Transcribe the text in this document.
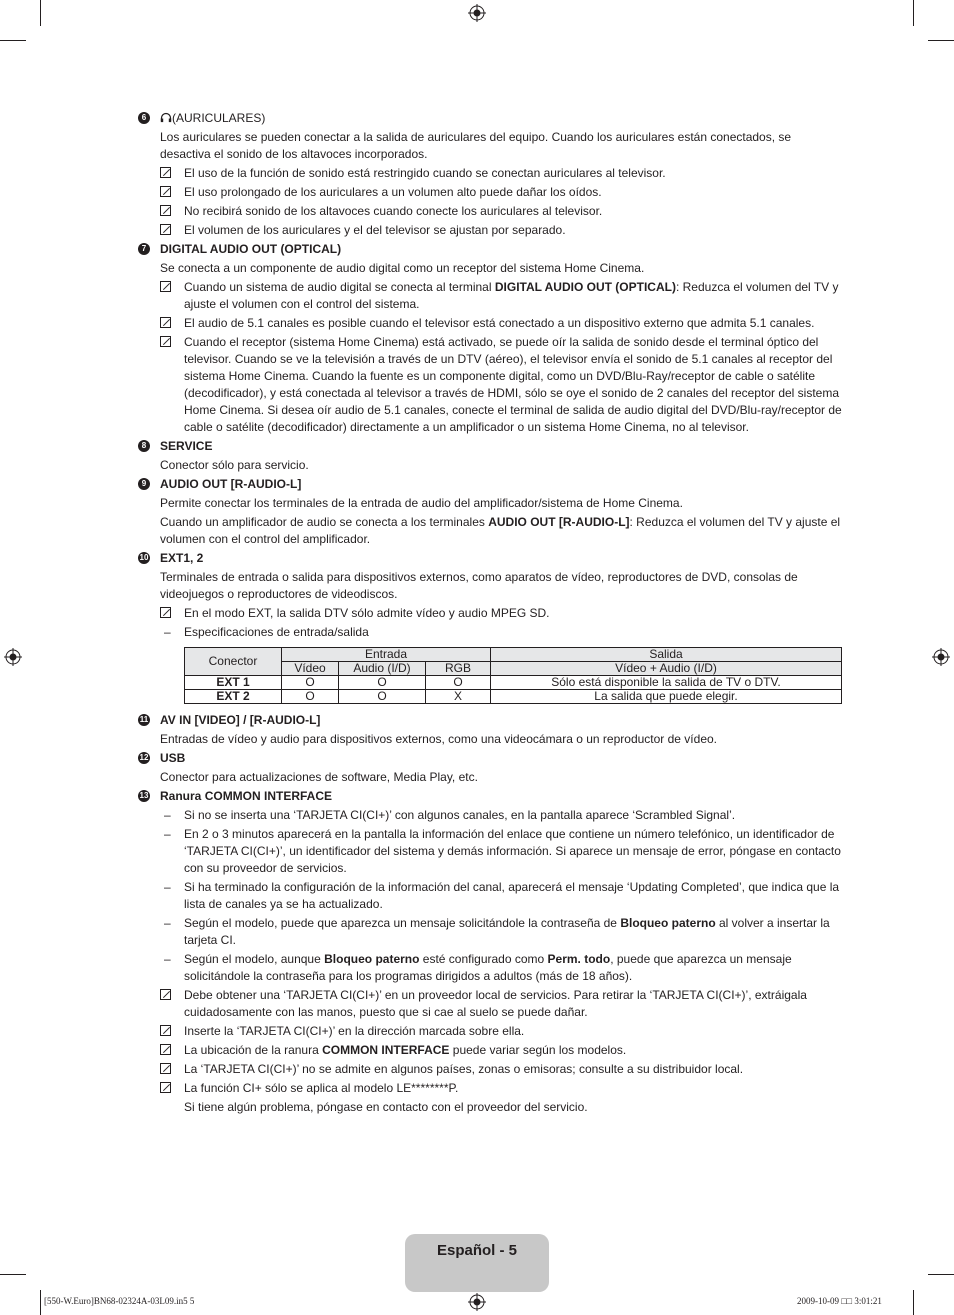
6	(AURICULARES)
Los auriculares se pueden conectar a la salida de auriculares del equipo. Cuando los auriculares están conectados, se desactiva el sonido de los altavoces incorporados.
El uso de la función de sonido está restringido cuando se conectan auriculares al televisor.
El uso prolongado de los auriculares a un volumen alto puede dañar los oídos.
No recibirá sonido de los altavoces cuando conecte los auriculares al televisor.
El volumen de los auriculares y el del televisor se ajustan por separado.
7	DIGITAL AUDIO OUT (OPTICAL)
Se conecta a un componente de audio digital como un receptor del sistema Home Cinema.
Cuando un sistema de audio digital se conecta al terminal DIGITAL AUDIO OUT (OPTICAL): Reduzca el volumen del TV y ajuste el volumen con el control del sistema.
El audio de 5.1 canales es posible cuando el televisor está conectado a un dispositivo externo que admita 5.1 canales.
Cuando el receptor (sistema Home Cinema) está activado, se puede oír la salida de sonido desde el terminal óptico del televisor. Cuando se ve la televisión a través de un DTV (aéreo), el televisor envía el sonido de 5.1 canales al receptor del sistema Home Cinema. Cuando la fuente es un componente digital, como un DVD/Blu-Ray/receptor de cable o satélite (decodificador), y está conectada al televisor a través de HDMI, sólo se oye el sonido de 2 canales del receptor del sistema Home Cinema. Si desea oír audio de 5.1 canales, conecte el terminal de salida de audio digital del DVD/Blu-ray/receptor de cable o satélite (decodificador) directamente a un amplificador o un sistema Home Cinema, no al televisor.
8	SERVICE
Conector sólo para servicio.
9	AUDIO OUT [R-AUDIO-L]
Permite conectar los terminales de la entrada de audio del amplificador/sistema de Home Cinema.
Cuando un amplificador de audio se conecta a los terminales AUDIO OUT [R-AUDIO-L]: Reduzca el volumen del TV y ajuste el volumen con el control del amplificador.
10 EXT1, 2
Terminales de entrada o salida para dispositivos externos, como aparatos de vídeo, reproductores de DVD, consolas de videojuegos o reproductores de videodiscos.
En el modo EXT, la salida DTV sólo admite vídeo y audio MPEG SD.
– Especificaciones de entrada/salida
Conector	Entrada			Salida
	Vídeo	Audio (I/D)	RGB	Vídeo + Audio (I/D)
EXT 1	O	O	O	Sólo está disponible la salida de TV o DTV.
EXT 2	O	O	X	La salida que puede elegir.
11 AV IN [VIDEO] / [R-AUDIO-L]
Entradas de vídeo y audio para dispositivos externos, como una videocámara o un reproductor de vídeo.
12 USB
Conector para actualizaciones de software, Media Play, etc.
13 Ranura COMMON INTERFACE
– Si no se inserta una ‘TARJETA CI(CI+)’ con algunos canales, en la pantalla aparece ‘Scrambled Signal’.
– En 2 o 3 minutos aparecerá en la pantalla la información del enlace que contiene un número telefónico, un identificador de ‘TARJETA CI(CI+)’, un identificador del sistema y demás información. Si aparece un mensaje de error, póngase en contacto con su proveedor de servicios.
– Si ha terminado la configuración de la información del canal, aparecerá el mensaje ‘Updating Completed’, que indica que la lista de canales ya se ha actualizado.
– Según el modelo, puede que aparezca un mensaje solicitándole la contraseña de Bloqueo paterno al volver a insertar la tarjeta CI.
– Según el modelo, aunque Bloqueo paterno esté configurado como Perm. todo, puede que aparezca un mensaje solicitándole la contraseña para los programas dirigidos a adultos (más de 18 años).
Debe obtener una ‘TARJETA CI(CI+)’ en un proveedor local de servicios. Para retirar la ‘TARJETA CI(CI+)’, extráigala cuidadosamente con las manos, puesto que si cae al suelo se puede dañar.
Inserte la ‘TARJETA CI(CI+)’ en la dirección marcada sobre ella.
La ubicación de la ranura COMMON INTERFACE puede variar según los modelos.
La ‘TARJETA CI(CI+)’ no se admite en algunos países, zonas o emisoras; consulte a su distribuidor local.
La función CI+ sólo se aplica al modelo LE********P.
Si tiene algún problema, póngase en contacto con el proveedor del servicio.
Español - 5
[550-W.Euro]BN68-02324A-03L09.in5 5	2009-10-09 □□ 3:01:21
